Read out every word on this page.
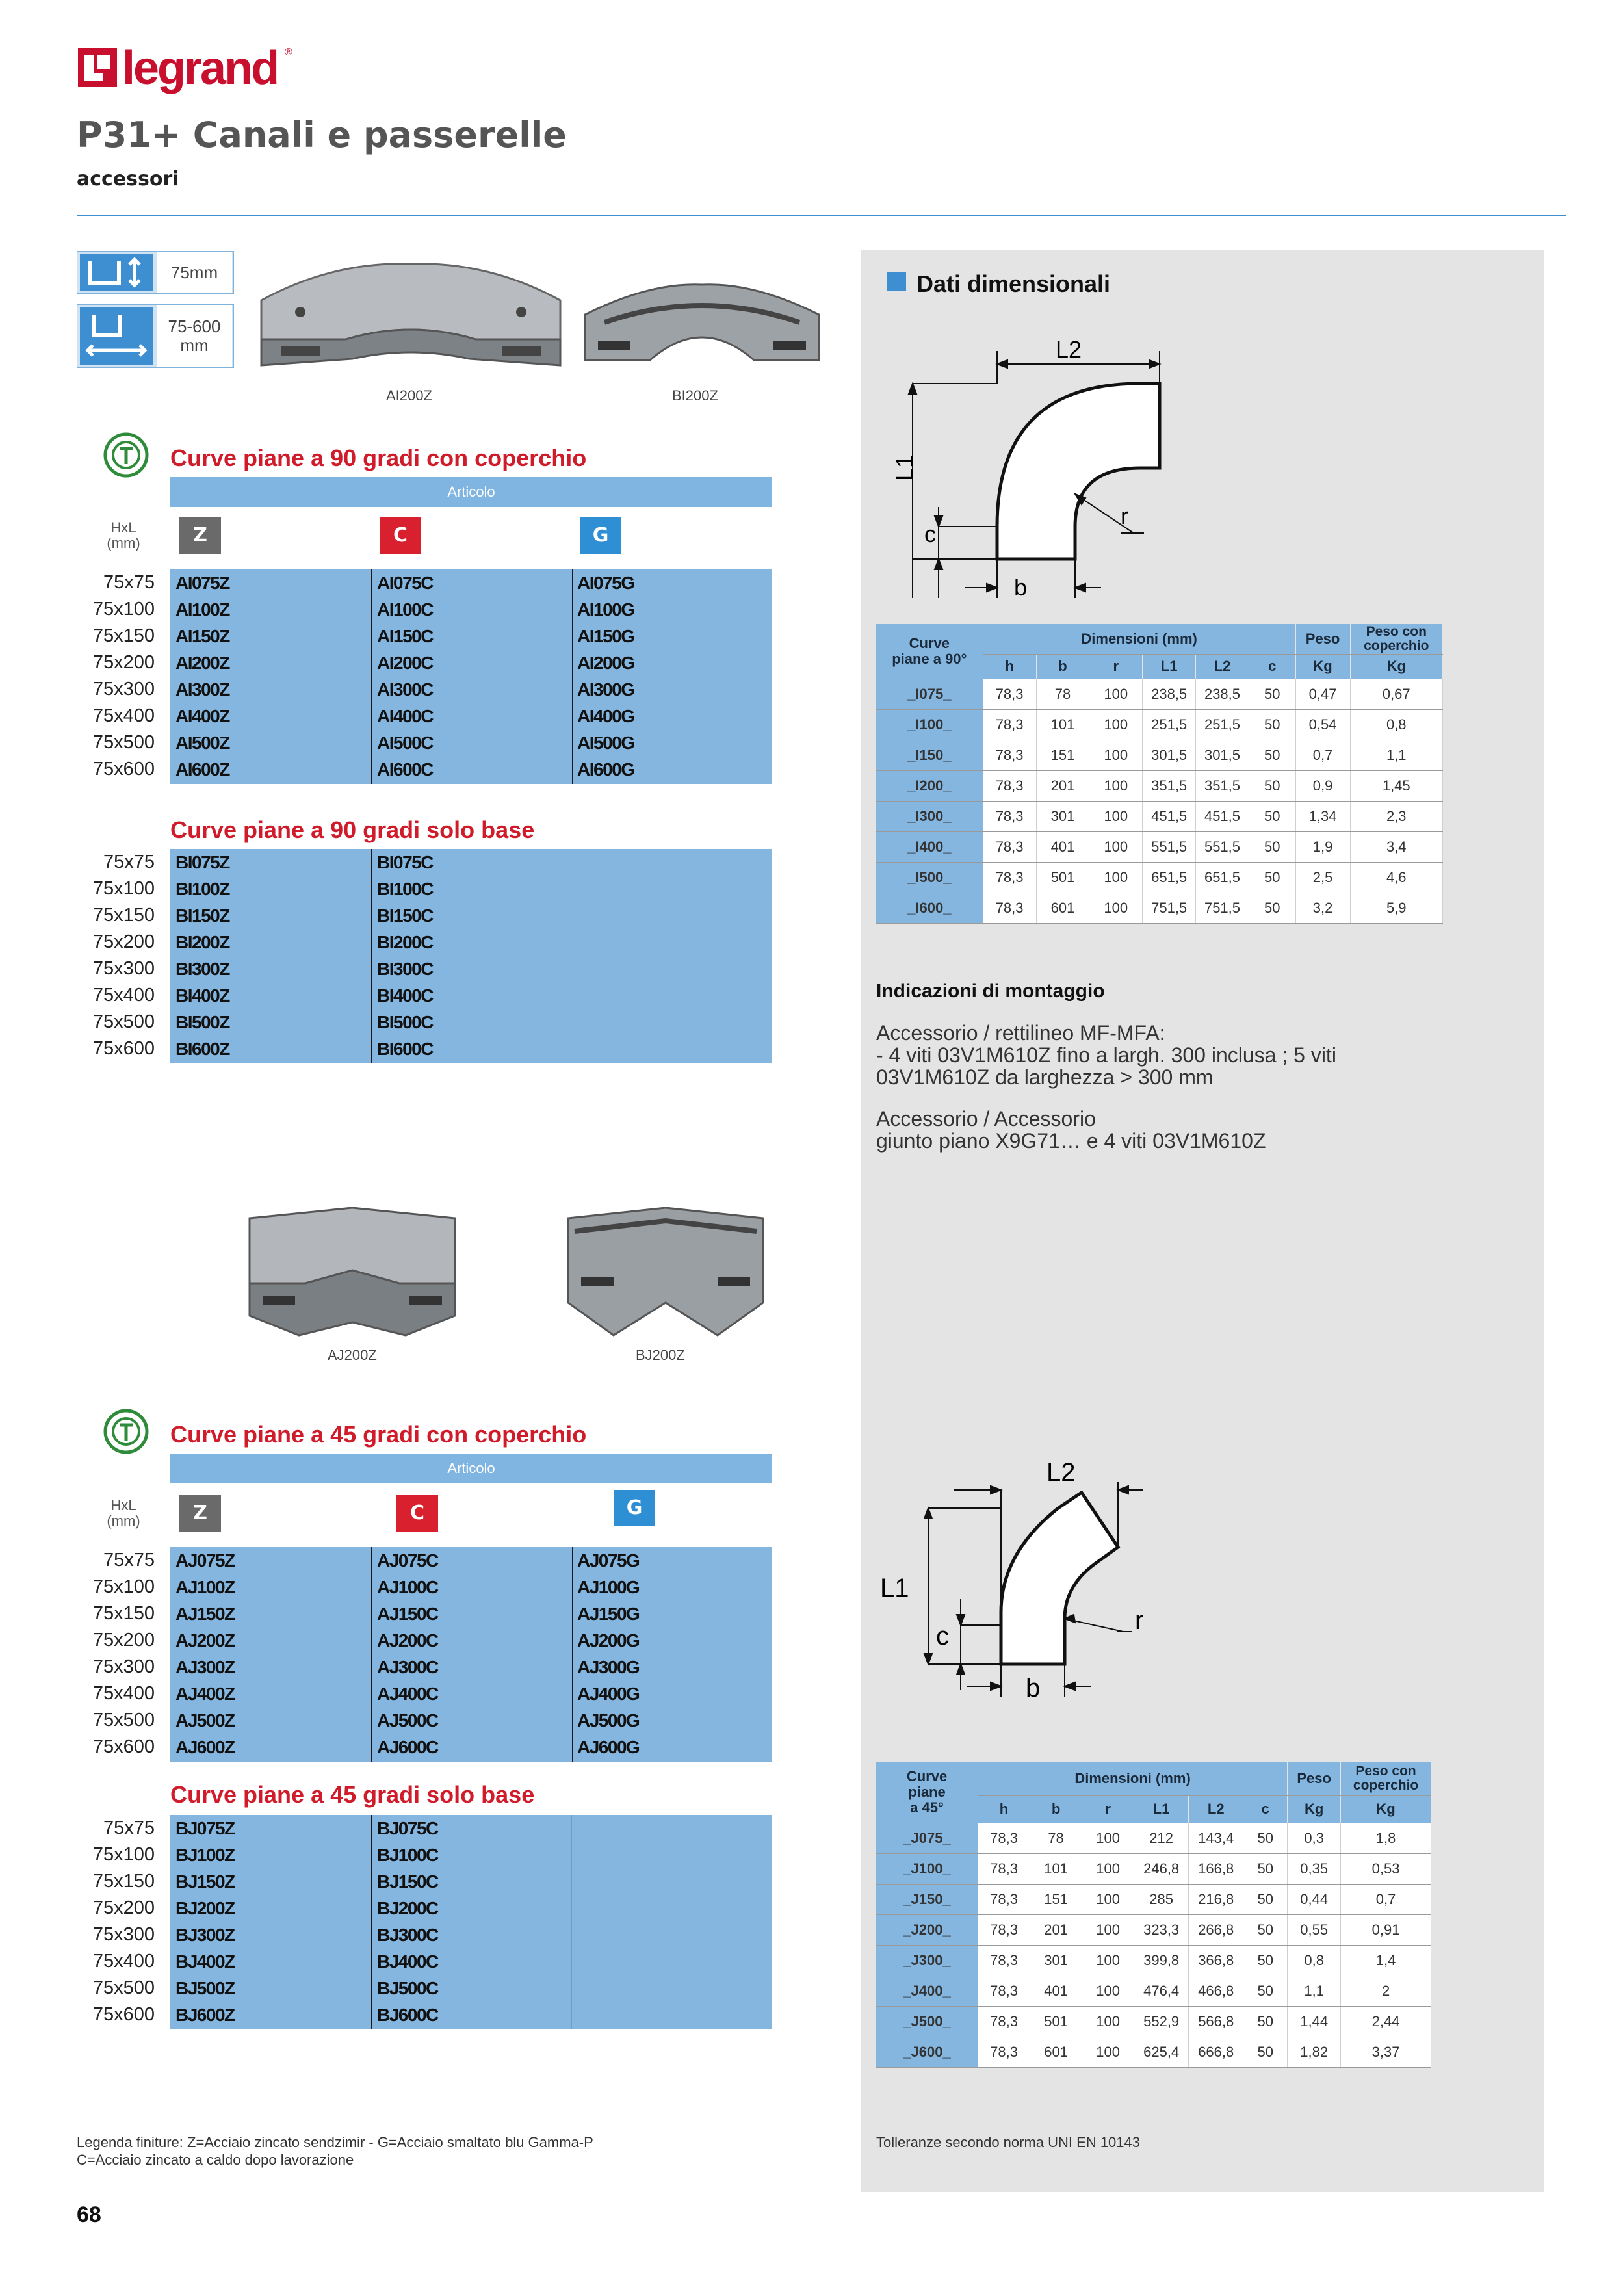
legrand ®
P31+ Canali e passerelle
accessori
75mm
75-600
mm
AI200Z	BI200Z
Curve piane a 90 gradi con coperchio
Articolo
HxL
(mm)	Z	C	G
75x75 AI075Z	AI075C	AI075G
75x100 AI100Z	AI100C	AI100G
75x150 AI150Z	AI150C	AI150G
75x200 AI200Z	AI200C	AI200G
75x300 AI300Z	AI300C	AI300G
75x400 AI400Z	AI400C	AI400G
75x500 AI500Z	AI500C	AI500G
75x600 AI600Z	AI600C	AI600G
Curve piane a 90 gradi solo base
75x75 BI075Z	BI075C
75x100 BI100Z	BI100C
75x150 BI150Z	BI150C
75x200 BI200Z	BI200C
75x300 BI300Z	BI300C
75x400 BI400Z	BI400C
75x500 BI500Z	BI500C
75x600 BI600Z	BI600C
AJ200Z	BJ200Z
Curve piane a 45 gradi con coperchio
Articolo
HxL
(mm)	Z	C	G
75x75 AJ075Z	AJ075C	AJ075G
75x100 AJ100Z	AJ100C	AJ100G
75x150 AJ150Z	AJ150C	AJ150G
75x200 AJ200Z	AJ200C	AJ200G
75x300 AJ300Z	AJ300C	AJ300G
75x400 AJ400Z	AJ400C	AJ400G
75x500 AJ500Z	AJ500C	AJ500G
75x600 AJ600Z	AJ600C	AJ600G
Curve piane a 45 gradi solo base
75x75 BJ075Z	BJ075C
75x100 BJ100Z	BJ100C
75x150 BJ150Z	BJ150C
75x200 BJ200Z	BJ200C
75x300 BJ300Z	BJ300C
75x400 BJ400Z	BJ400C
75x500 BJ500Z	BJ500C
75x600 BJ600Z	BJ600C
Dati dimensionali
L2
L1
c
r
b
Curve
piane a 90°	Dimensioni (mm)						Peso	Peso con
coperchio
	h	b	r	L1	L2	c	Kg	Kg
_I075_	78,3	78	100	238,5	238,5	50	0,47	0,67
_I100_	78,3	101	100	251,5	251,5	50	0,54	0,8
_I150_	78,3	151	100	301,5	301,5	50	0,7	1,1
_I200_	78,3	201	100	351,5	351,5	50	0,9	1,45
_I300_	78,3	301	100	451,5	451,5	50	1,34	2,3
_I400_	78,3	401	100	551,5	551,5	50	1,9	3,4
_I500_	78,3	501	100	651,5	651,5	50	2,5	4,6
_I600_	78,3	601	100	751,5	751,5	50	3,2	5,9
Indicazioni di montaggio
Accessorio / rettilineo MF-MFA:
- 4 viti 03V1M610Z fino a largh. 300 inclusa ; 5 viti
03V1M610Z da larghezza > 300 mm
Accessorio / Accessorio
giunto piano X9G71… e 4 viti 03V1M610Z
L2
L1
c
r
b
Curve
piane
a 45°	Dimensioni (mm)						Peso	Peso con
coperchio
	h	b	r	L1	L2	c	Kg	Kg
_J075_	78,3	78	100	212	143,4	50	0,3	1,8
_J100_	78,3	101	100	246,8	166,8	50	0,35	0,53
_J150_	78,3	151	100	285	216,8	50	0,44	0,7
_J200_	78,3	201	100	323,3	266,8	50	0,55	0,91
_J300_	78,3	301	100	399,8	366,8	50	0,8	1,4
_J400_	78,3	401	100	476,4	466,8	50	1,1	2
_J500_	78,3	501	100	552,9	566,8	50	1,44	2,44
_J600_	78,3	601	100	625,4	666,8	50	1,82	3,37
Legenda finiture: Z=Acciaio zincato sendzimir - G=Acciaio smaltato blu Gamma-P
C=Acciaio zincato a caldo dopo lavorazione
Tolleranze secondo norma UNI EN 10143
68
